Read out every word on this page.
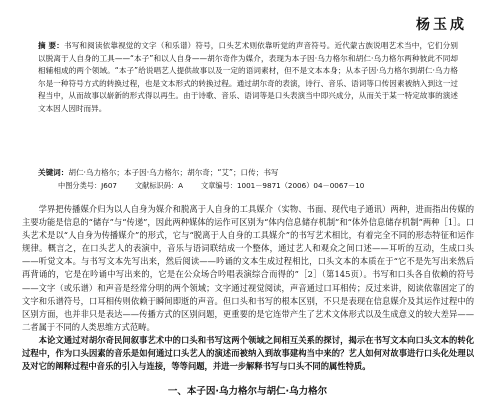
杨玉成
摘 要：书写和阅读依靠视觉的文字（和乐谱）符号，口头艺术则依靠听觉的声音符号。近代蒙古族说唱艺术当中，它们分别以脱离于人自身的工具——“本子”和以人自身——胡尔奇作为媒介，表现为本子因·乌力格尔和胡仁·乌力格尔两种彼此不同却相辅相成的两个领域。“本子”给说唱艺人提供故事以及一定的语词素材，但不是文本本身；从本子因·乌力格尔到胡仁·乌力格尔是一种符号方式的转换过程，也是文本形式的转换过程。通过胡尔奇的表演，诗行、音乐、语词等口传因素被纳入到这一过程当中，从而故事以崭新的形式得以再生。由于诗歌、音乐、语词等是口头表演当中即兴成分，从而关于某一特定故事的演述文本因人因时而异。
关键词：胡仁·乌力格尔；本子因·乌力格尔；胡尔奇；“艾”；口传；书写
中图分类号：J607	文献标识码：A	文章编号：1001－9871（2006）04－0067－10

学界把传播媒介归为以人自身为媒介和脱离于人自身的工具媒介（实物、书面、现代电子通讯）两种，进而指出传媒的主要功能是信息的“储存”与“传递”，因此两种媒体的运作可区别为“体内信息储存机制”和“体外信息储存机制”两种［1］。口头艺术是以“人自身为传播媒介”的形式，它与“脱离于人自身的工具媒介”的书写艺术相比，有着完全不同的形态特征和运作规律。概言之，在口头艺人的表演中，音乐与语词联结成一个整体，通过艺人和观众之间口述——耳听的互动，生成口头——听觉文本。与书写文本先写出来，然后阅读——吟诵的文本生成过程相比，口头文本的本质在于“它不是先写出来然后再背诵的，它是在吟诵中写出来的，它是在公众场合吟唱表演综合而得的”［2］（第145页）。书写和口头各自依赖的符号——文字（或乐谱）和声音是经常分明的两个领域；文字通过视觉阅读，声音通过口耳相传；反过来讲，阅读依靠固定了的文字和乐谱符号，口耳相传则依赖于瞬间即逝的声音。但口头和书写的根本区别，不只是表现在信息媒介及其运作过程中的区别方面，也并非只是表达——传播方式的区别问题，更重要的是它连带产生了艺术文体形式以及生成意义的较大差异——二者属于不同的人类思维方式范畴。

本论文通过对胡尔奇民间叙事艺术中的口头和书写这两个领域之间相互关系的探讨，揭示在书写文本向口头文本的转化过程中，作为口头因素的音乐是如何通过口头艺人的演述而被纳入到故事建构当中来的？艺人如何对故事进行口头化处理以及对它的阐释过程中音乐的引入与连接，等等问题，并进一步解释书写与口头不同的属性特质。

一、本子因·乌力格尔与胡仁·乌力格尔
